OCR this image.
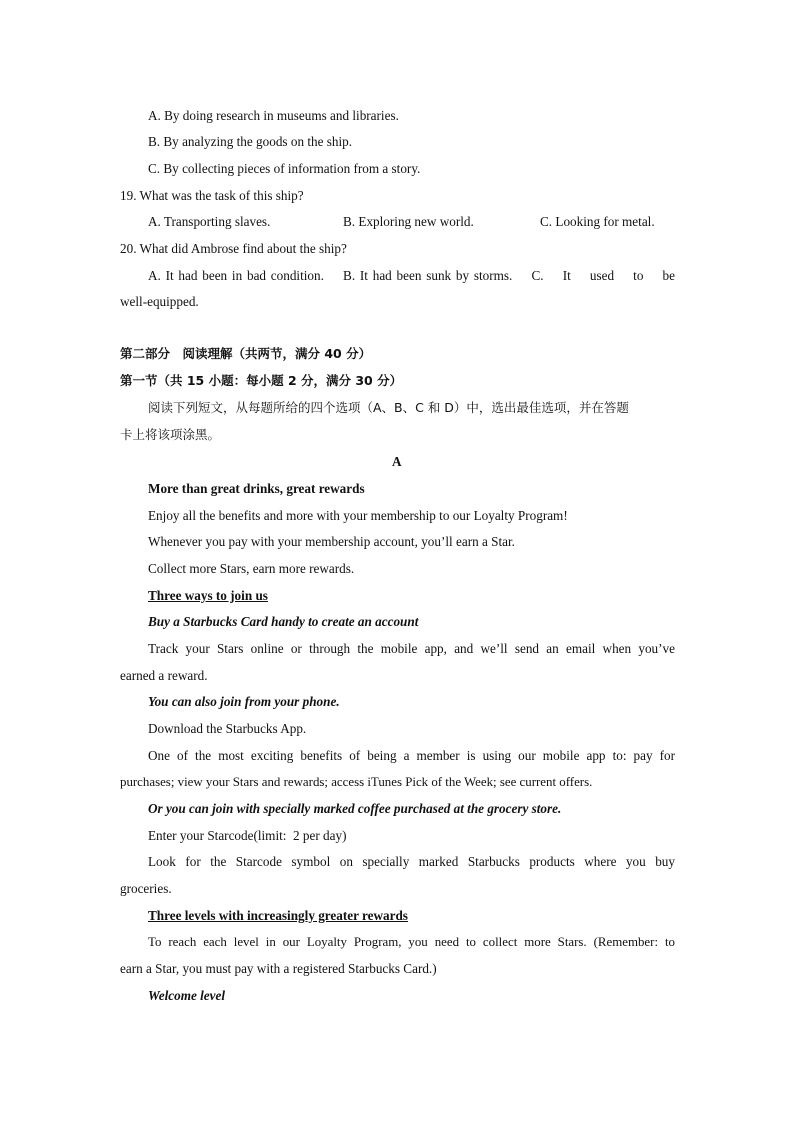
A. By doing research in museums and libraries.
B. By analyzing the goods on the ship.
C. By collecting pieces of information from a story.
19. What was the task of this ship?
A. Transporting slaves.	B. Exploring new world.	C. Looking for metal.
20. What did Ambrose find about the ship?
A. It had been in bad condition.    B. It had been sunk by storms.    C.    It    used    to    be
well-equipped.
第二部分　阅读理解（共两节，满分 40 分）
第一节（共 15 小题：每小题 2 分，满分 30 分）
阅读下列短文，从每题所给的四个选项（A、B、C 和 D）中，选出最佳选项，并在答题
卡上将该项涂黑。
A
More than great drinks, great rewards
Enjoy all the benefits and more with your membership to our Loyalty Program!
Whenever you pay with your membership account, you’ll earn a Star.
Collect more Stars, earn more rewards.
Three ways to join us
Buy a Starbucks Card handy to create an account
Track your Stars online or through the mobile app, and we’ll send an email when you’ve
earned a reward.
You can also join from your phone.
Download the Starbucks App.
One of the most exciting benefits of being a member is using our mobile app to: pay for
purchases; view your Stars and rewards; access iTunes Pick of the Week; see current offers.
Or you can join with specially marked coffee purchased at the grocery store.
Enter your Starcode(limit:  2 per day)
Look for the Starcode symbol on specially marked Starbucks products where you buy
groceries.
Three levels with increasingly greater rewards
To reach each level in our Loyalty Program, you need to collect more Stars. (Remember: to
earn a Star, you must pay with a registered Starbucks Card.)
Welcome level
